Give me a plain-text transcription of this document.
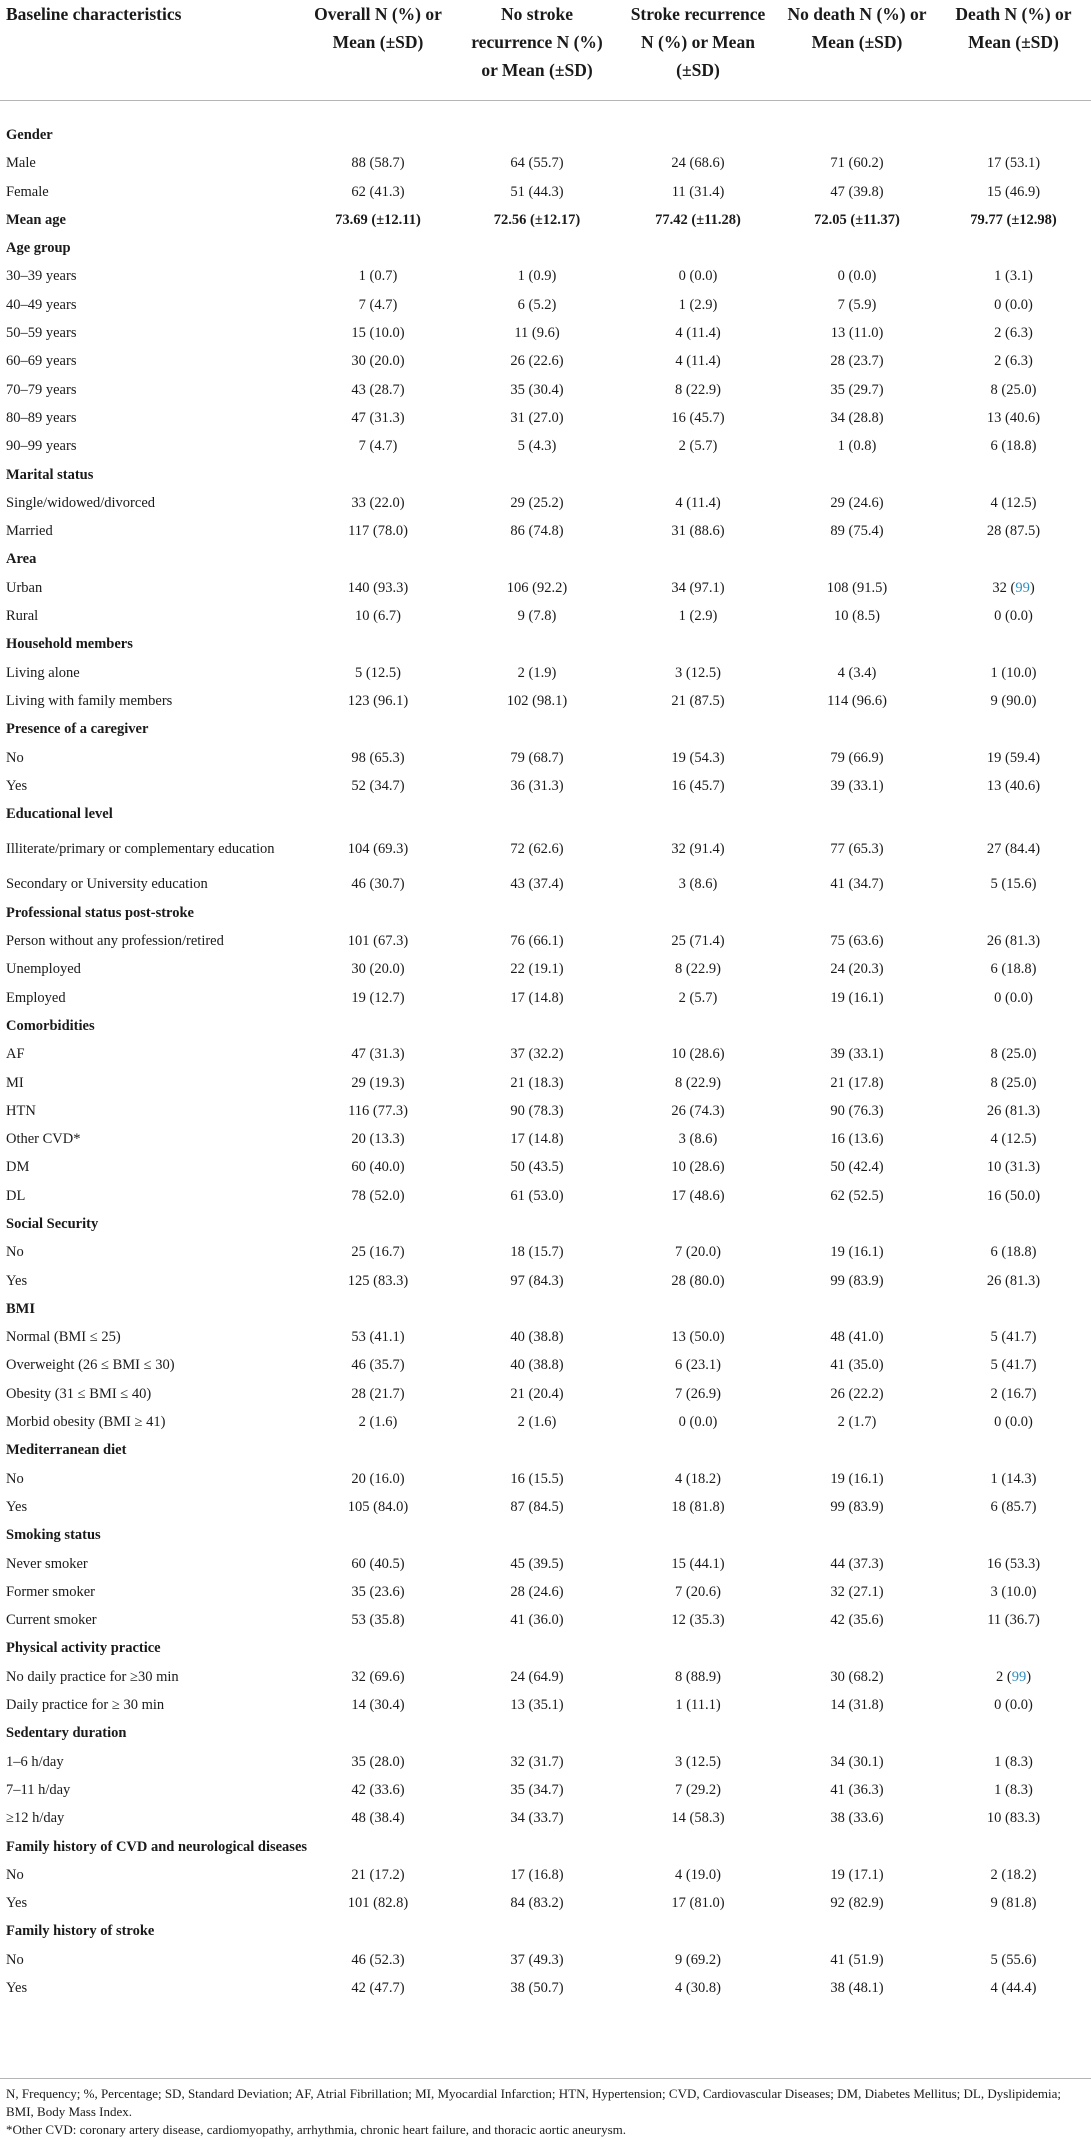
Baseline characteristics	Overall N (%) or Mean (±SD)	No stroke recurrence N (%) or Mean (±SD)	Stroke recurrence N (%) or Mean (±SD)	No death N (%) or Mean (±SD)	Death N (%) or Mean (±SD)

Gender					
Male	88 (58.7)	64 (55.7)	24 (68.6)	71 (60.2)	17 (53.1)
Female	62 (41.3)	51 (44.3)	11 (31.4)	47 (39.8)	15 (46.9)
Mean age	73.69 (±12.11)	72.56 (±12.17)	77.42 (±11.28)	72.05 (±11.37)	79.77 (±12.98)
Age group					
30–39 years	1 (0.7)	1 (0.9)	0 (0.0)	0 (0.0)	1 (3.1)
40–49 years	7 (4.7)	6 (5.2)	1 (2.9)	7 (5.9)	0 (0.0)
50–59 years	15 (10.0)	11 (9.6)	4 (11.4)	13 (11.0)	2 (6.3)
60–69 years	30 (20.0)	26 (22.6)	4 (11.4)	28 (23.7)	2 (6.3)
70–79 years	43 (28.7)	35 (30.4)	8 (22.9)	35 (29.7)	8 (25.0)
80–89 years	47 (31.3)	31 (27.0)	16 (45.7)	34 (28.8)	13 (40.6)
90–99 years	7 (4.7)	5 (4.3)	2 (5.7)	1 (0.8)	6 (18.8)
Marital status					
Single/widowed/divorced	33 (22.0)	29 (25.2)	4 (11.4)	29 (24.6)	4 (12.5)
Married	117 (78.0)	86 (74.8)	31 (88.6)	89 (75.4)	28 (87.5)
Area					
Urban	140 (93.3)	106 (92.2)	34 (97.1)	108 (91.5)	32 (99)
Rural	10 (6.7)	9 (7.8)	1 (2.9)	10 (8.5)	0 (0.0)
Household members					
Living alone	5 (12.5)	2 (1.9)	3 (12.5)	4 (3.4)	1 (10.0)
Living with family members	123 (96.1)	102 (98.1)	21 (87.5)	114 (96.6)	9 (90.0)
Presence of a caregiver					
No	98 (65.3)	79 (68.7)	19 (54.3)	79 (66.9)	19 (59.4)
Yes	52 (34.7)	36 (31.3)	16 (45.7)	39 (33.1)	13 (40.6)
Educational level					
Illiterate/primary or complementary education	104 (69.3)	72 (62.6)	32 (91.4)	77 (65.3)	27 (84.4)
Secondary or University education	46 (30.7)	43 (37.4)	3 (8.6)	41 (34.7)	5 (15.6)
Professional status post-stroke					
Person without any profession/retired	101 (67.3)	76 (66.1)	25 (71.4)	75 (63.6)	26 (81.3)
Unemployed	30 (20.0)	22 (19.1)	8 (22.9)	24 (20.3)	6 (18.8)
Employed	19 (12.7)	17 (14.8)	2 (5.7)	19 (16.1)	0 (0.0)
Comorbidities					
AF	47 (31.3)	37 (32.2)	10 (28.6)	39 (33.1)	8 (25.0)
MI	29 (19.3)	21 (18.3)	8 (22.9)	21 (17.8)	8 (25.0)
HTN	116 (77.3)	90 (78.3)	26 (74.3)	90 (76.3)	26 (81.3)
Other CVD*	20 (13.3)	17 (14.8)	3 (8.6)	16 (13.6)	4 (12.5)
DM	60 (40.0)	50 (43.5)	10 (28.6)	50 (42.4)	10 (31.3)
DL	78 (52.0)	61 (53.0)	17 (48.6)	62 (52.5)	16 (50.0)
Social Security					
No	25 (16.7)	18 (15.7)	7 (20.0)	19 (16.1)	6 (18.8)
Yes	125 (83.3)	97 (84.3)	28 (80.0)	99 (83.9)	26 (81.3)
BMI					
Normal (BMI ≤ 25)	53 (41.1)	40 (38.8)	13 (50.0)	48 (41.0)	5 (41.7)
Overweight (26 ≤ BMI ≤ 30)	46 (35.7)	40 (38.8)	6 (23.1)	41 (35.0)	5 (41.7)
Obesity (31 ≤ BMI ≤ 40)	28 (21.7)	21 (20.4)	7 (26.9)	26 (22.2)	2 (16.7)
Morbid obesity (BMI ≥ 41)	2 (1.6)	2 (1.6)	0 (0.0)	2 (1.7)	0 (0.0)
Mediterranean diet					
No	20 (16.0)	16 (15.5)	4 (18.2)	19 (16.1)	1 (14.3)
Yes	105 (84.0)	87 (84.5)	18 (81.8)	99 (83.9)	6 (85.7)
Smoking status					
Never smoker	60 (40.5)	45 (39.5)	15 (44.1)	44 (37.3)	16 (53.3)
Former smoker	35 (23.6)	28 (24.6)	7 (20.6)	32 (27.1)	3 (10.0)
Current smoker	53 (35.8)	41 (36.0)	12 (35.3)	42 (35.6)	11 (36.7)
Physical activity practice					
No daily practice for ≥30 min	32 (69.6)	24 (64.9)	8 (88.9)	30 (68.2)	2 (99)
Daily practice for ≥ 30 min	14 (30.4)	13 (35.1)	1 (11.1)	14 (31.8)	0 (0.0)
Sedentary duration					
1–6 h/day	35 (28.0)	32 (31.7)	3 (12.5)	34 (30.1)	1 (8.3)
7–11 h/day	42 (33.6)	35 (34.7)	7 (29.2)	41 (36.3)	1 (8.3)
≥12 h/day	48 (38.4)	34 (33.7)	14 (58.3)	38 (33.6)	10 (83.3)
Family history of CVD and neurological diseases					
No	21 (17.2)	17 (16.8)	4 (19.0)	19 (17.1)	2 (18.2)
Yes	101 (82.8)	84 (83.2)	17 (81.0)	92 (82.9)	9 (81.8)
Family history of stroke					
No	46 (52.3)	37 (49.3)	9 (69.2)	41 (51.9)	5 (55.6)
Yes	42 (47.7)	38 (50.7)	4 (30.8)	38 (48.1)	4 (44.4)

N, Frequency; %, Percentage; SD, Standard Deviation; AF, Atrial Fibrillation; MI, Myocardial Infarction; HTN, Hypertension; CVD, Cardiovascular Diseases; DM, Diabetes Mellitus; DL, Dyslipidemia; BMI, Body Mass Index.

*Other CVD: coronary artery disease, cardiomyopathy, arrhythmia, chronic heart failure, and thoracic aortic aneurysm.
